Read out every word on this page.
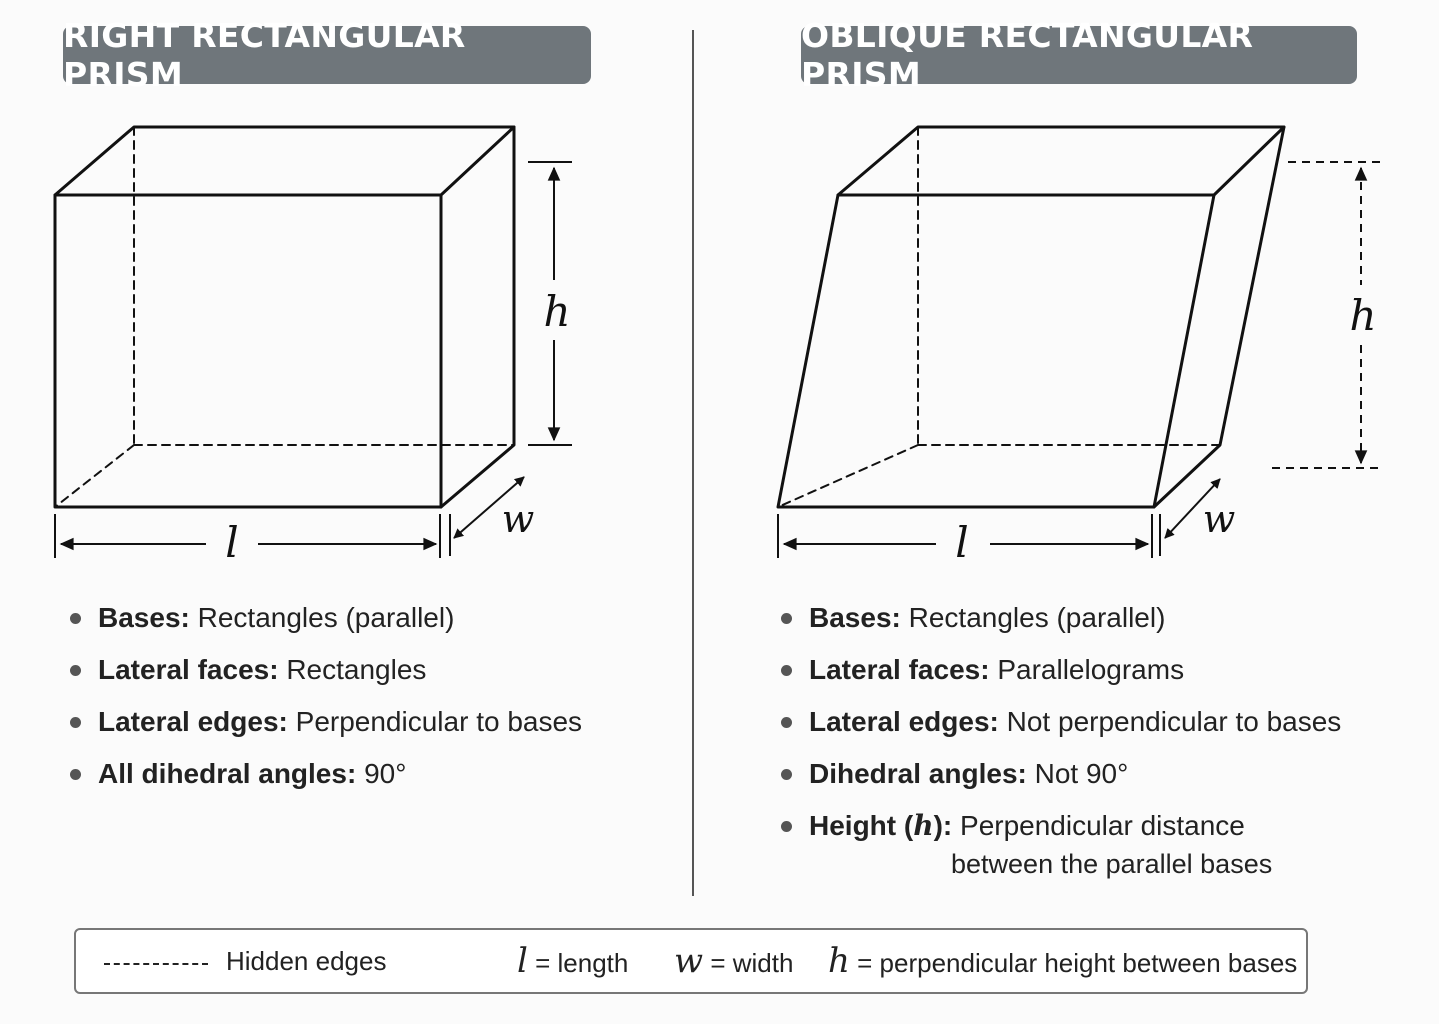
RIGHT RECTANGULAR PRISM
OBLIQUE RECTANGULAR PRISM
h
l	w
h
l	w
Bases: Rectangles (parallel)
Lateral faces: Rectangles
Lateral edges: Perpendicular to bases
All dihedral angles: 90°
Bases: Rectangles (parallel)
Lateral faces: Parallelograms
Lateral edges: Not perpendicular to bases
Dihedral angles: Not 90°
Height (h): Perpendicular distance
between the parallel bases
Hidden edges	l = length w = width h = perpendicular height between bases
